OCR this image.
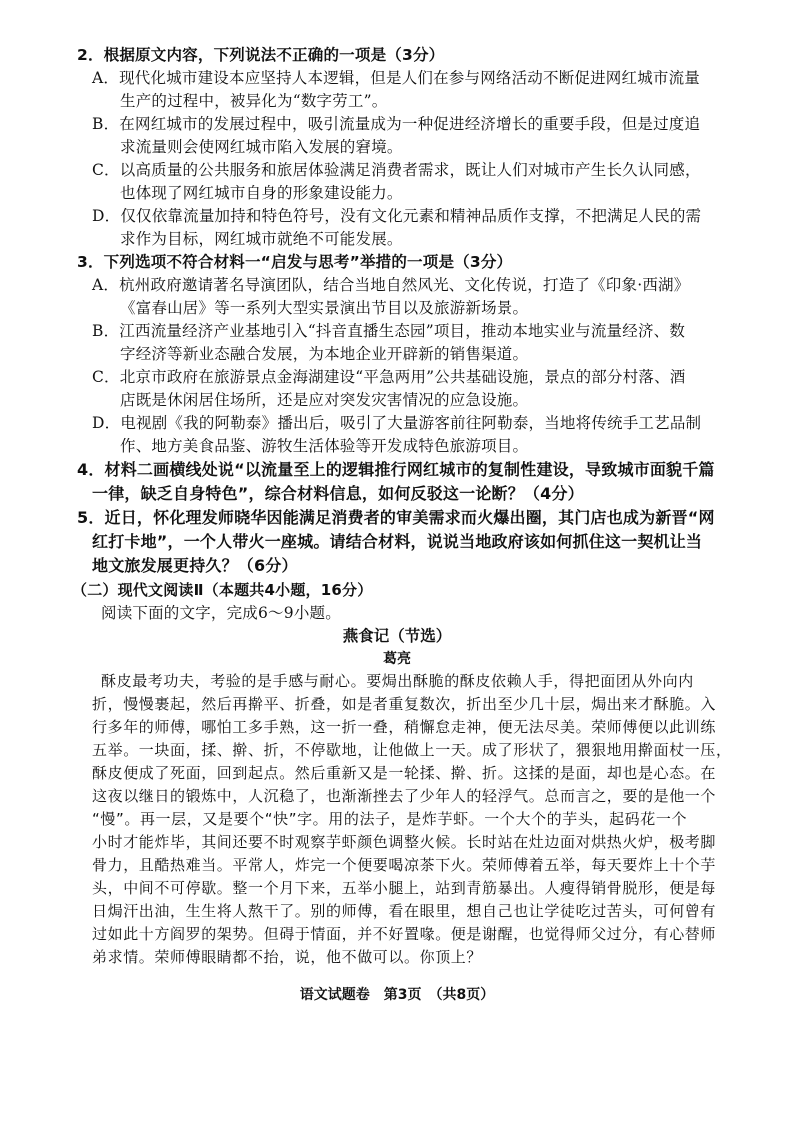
2．根据原文内容，下列说法不正确的一项是（3分）
A．现代化城市建设本应坚持人本逻辑，但是人们在参与网络活动不断促进网红城市流量
生产的过程中，被异化为“数字劳工”。
B．在网红城市的发展过程中，吸引流量成为一种促进经济增长的重要手段，但是过度追
求流量则会使网红城市陷入发展的窘境。
C．以高质量的公共服务和旅居体验满足消费者需求，既让人们对城市产生长久认同感，
也体现了网红城市自身的形象建设能力。
D．仅仅依靠流量加持和特色符号，没有文化元素和精神品质作支撑，不把满足人民的需
求作为目标，网红城市就绝不可能发展。
3．下列选项不符合材料一“启发与思考”举措的一项是（3分）
A．杭州政府邀请著名导演团队，结合当地自然风光、文化传说，打造了《印象·西湖》
《富春山居》等一系列大型实景演出节目以及旅游新场景。
B．江西流量经济产业基地引入“抖音直播生态园”项目，推动本地实业与流量经济、数
字经济等新业态融合发展，为本地企业开辟新的销售渠道。
C．北京市政府在旅游景点金海湖建设“平急两用”公共基础设施，景点的部分村落、酒
店既是休闲居住场所，还是应对突发灾害情况的应急设施。
D．电视剧《我的阿勒泰》播出后，吸引了大量游客前往阿勒泰，当地将传统手工艺品制
作、地方美食品鉴、游牧生活体验等开发成特色旅游项目。
4．材料二画横线处说“以流量至上的逻辑推行网红城市的复制性建设，导致城市面貌千篇
一律，缺乏自身特色”，综合材料信息，如何反驳这一论断？（4分）
5．近日，怀化理发师晓华因能满足消费者的审美需求而火爆出圈，其门店也成为新晋“网
红打卡地”，一个人带火一座城。请结合材料，说说当地政府该如何抓住这一契机让当
地文旅发展更持久？（6分）
（二）现代文阅读Ⅱ（本题共4小题，16分）
阅读下面的文字，完成6～9小题。
燕食记（节选）
葛亮
酥皮最考功夫，考验的是手感与耐心。要焗出酥脆的酥皮依赖人手，得把面团从外向内
折，慢慢裹起，然后再擀平、折叠，如是者重复数次，折出至少几十层，焗出来才酥脆。入
行多年的师傅，哪怕工多手熟，这一折一叠，稍懈怠走神，便无法尽美。荣师傅便以此训练
五举。一块面，揉、擀、折，不停歇地，让他做上一天。成了形状了，猥狠地用擀面杖一压，
酥皮便成了死面，回到起点。然后重新又是一轮揉、擀、折。这揉的是面，却也是心态。在
这夜以继日的锻炼中，人沉稳了，也渐渐挫去了少年人的轻浮气。总而言之，要的是他一个
“慢”。再一层，又是要个“快”字。用的法子，是炸芋虾。一个大个的芋头，起码花一个
小时才能炸毕，其间还要不时观察芋虾颜色调整火候。长时站在灶边面对烘热火炉，极考脚
骨力，且酷热难当。平常人，炸完一个便要喝凉茶下火。荣师傅着五举，每天要炸上十个芋
头，中间不可停歇。整一个月下来，五举小腿上，站到青筋暴出。人瘦得销骨脱形，便是每
日焗汗出油，生生将人熬干了。别的师傅，看在眼里，想自己也让学徒吃过苦头，可何曾有
过如此十方阎罗的架势。但碍于情面，并不好置喙。便是谢醒，也觉得师父过分，有心替师
弟求情。荣师傅眼睛都不抬，说，他不做可以。你顶上？
语文试题卷　第3页　（共8页）
